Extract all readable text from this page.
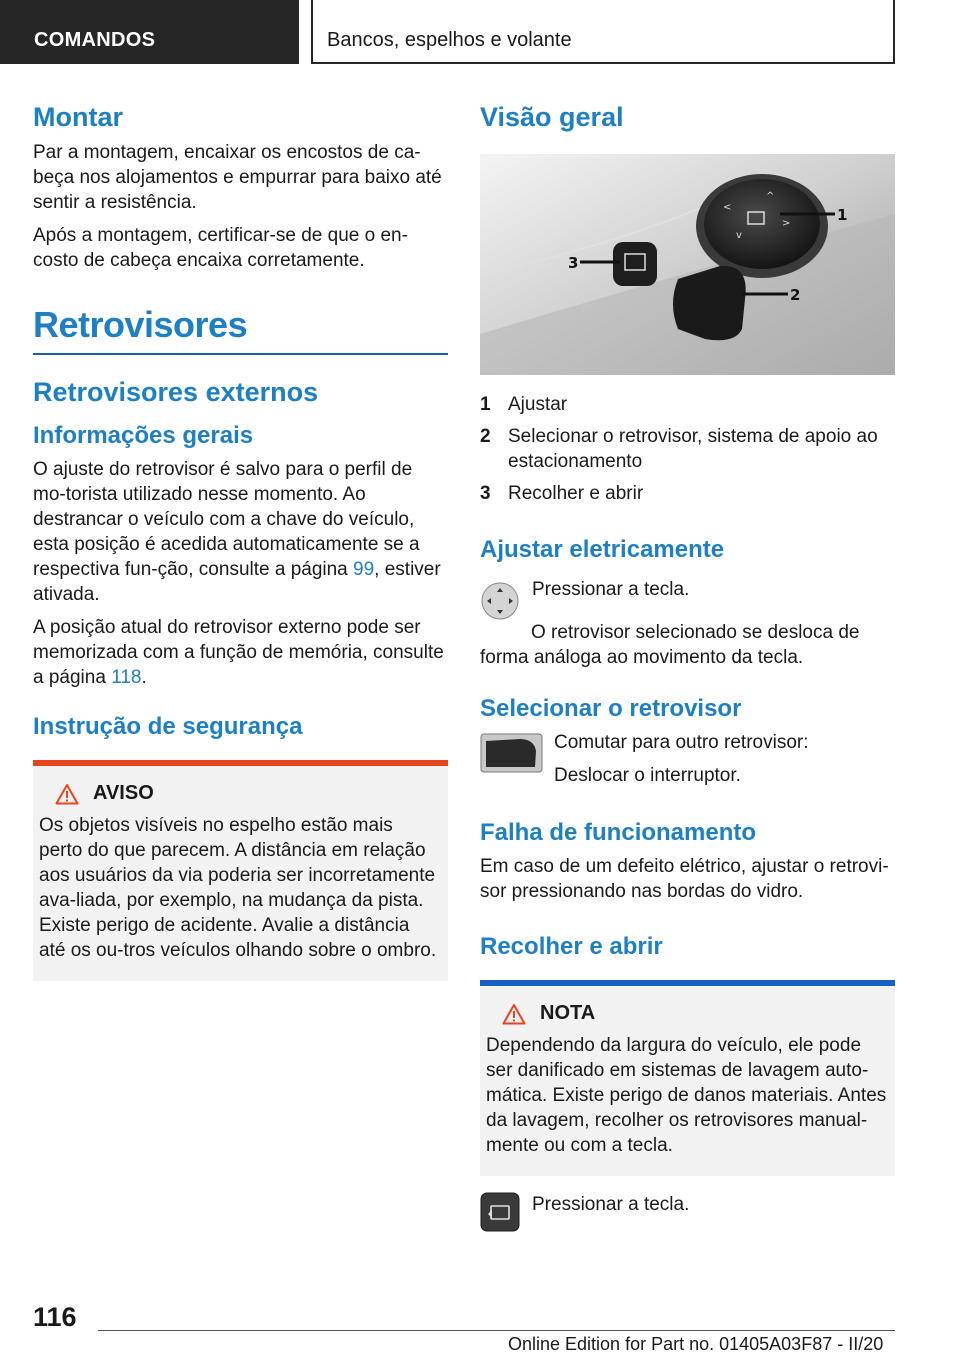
COMANDOS	Bancos, espelhos e volante
Montar

Par a montagem, encaixar os encostos de ca-beça nos alojamentos e empurrar para baixo até sentir a resistência.

Após a montagem, certificar-se de que o en-costo de cabeça encaixa corretamente.

Retrovisores
Retrovisores externos
Informações gerais

O ajuste do retrovisor é salvo para o perfil de mo-torista utilizado nesse momento. Ao destrancar o veículo com a chave do veículo, esta posição é acedida automaticamente se a respectiva fun-ção, consulte a página 99, estiver ativada.

A posição atual do retrovisor externo pode ser memorizada com a função de memória, consulte a página 118.

Instrução de segurança
AVISO

Os objetos visíveis no espelho estão mais perto do que parecem. A distância em relação aos usuários da via poderia ser incorretamente ava-liada, por exemplo, na mudança da pista. Existe perigo de acidente. Avalie a distância até os ou-tros veículos olhando sobre o ombro.

Visão geral
<
^
>
v
1
2
3
1 Ajustar
2 Selecionar o retrovisor, sistema de apoio ao estacionamento
3 Recolher e abrir
Ajustar eletricamente

Pressionar a tecla.

O retrovisor selecionado se desloca de forma análoga ao movimento da tecla.

Selecionar o retrovisor

Comutar para outro retrovisor:

Deslocar o interruptor.

Falha de funcionamento

Em caso de um defeito elétrico, ajustar o retrovi-sor pressionando nas bordas do vidro.

Recolher e abrir
NOTA

Dependendo da largura do veículo, ele pode ser danificado em sistemas de lavagem auto-mática. Existe perigo de danos materiais. Antes da lavagem, recolher os retrovisores manual-mente ou com a tecla.

Pressionar a tecla.

116
Online Edition for Part no. 01405A03F87 - II/20
